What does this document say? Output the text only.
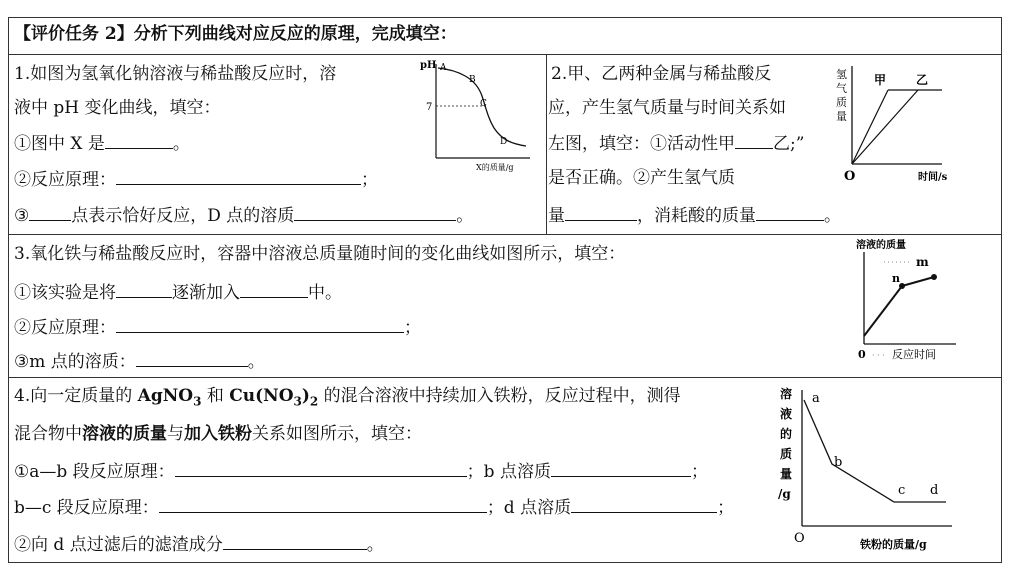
【评价任务 2】分析下列曲线对应反应的原理，完成填空：
1.如图为氢氧化钠溶液与稀盐酸反应时，溶
液中 pH 变化曲线，填空：
①图中 X 是	。
②反应原理：	；
③ 点表示恰好反应，D 点的溶质	。
pH
7
A
B
C
D
X的质量/g
2.甲、乙两种金属与稀盐酸反
应，产生氢气质量与时间关系如
左图，填空：①活动性甲 乙;”
是否正确。②产生氢气质
量	，消耗酸的质量	。
氢
气
质
量
甲 乙
O	时间/s
3.氧化铁与稀盐酸反应时，容器中溶液总质量随时间的变化曲线如图所示，填空：
①该实验是将	逐渐加入	中。
②反应原理：	；
③m 点的溶质：	。
溶液的质量
n
m
0 · · · 反应时间
4.向一定质量的 AgNO$_3$ 和 $Cu(NO_3)_2$ 的混合溶液中持续加入铁粉，反应过程中，测得
混合物中溶液的质量与加入铁粉关系如图所示，填空：
①a—b 段反应原理：	；b 点溶质	；
b—c 段反应原理：	；d 点溶质	；
②向 d 点过滤后的滤渣成分	。
溶
液
的
质
量
/g
a
b
c d
O	铁粉的质量/g
